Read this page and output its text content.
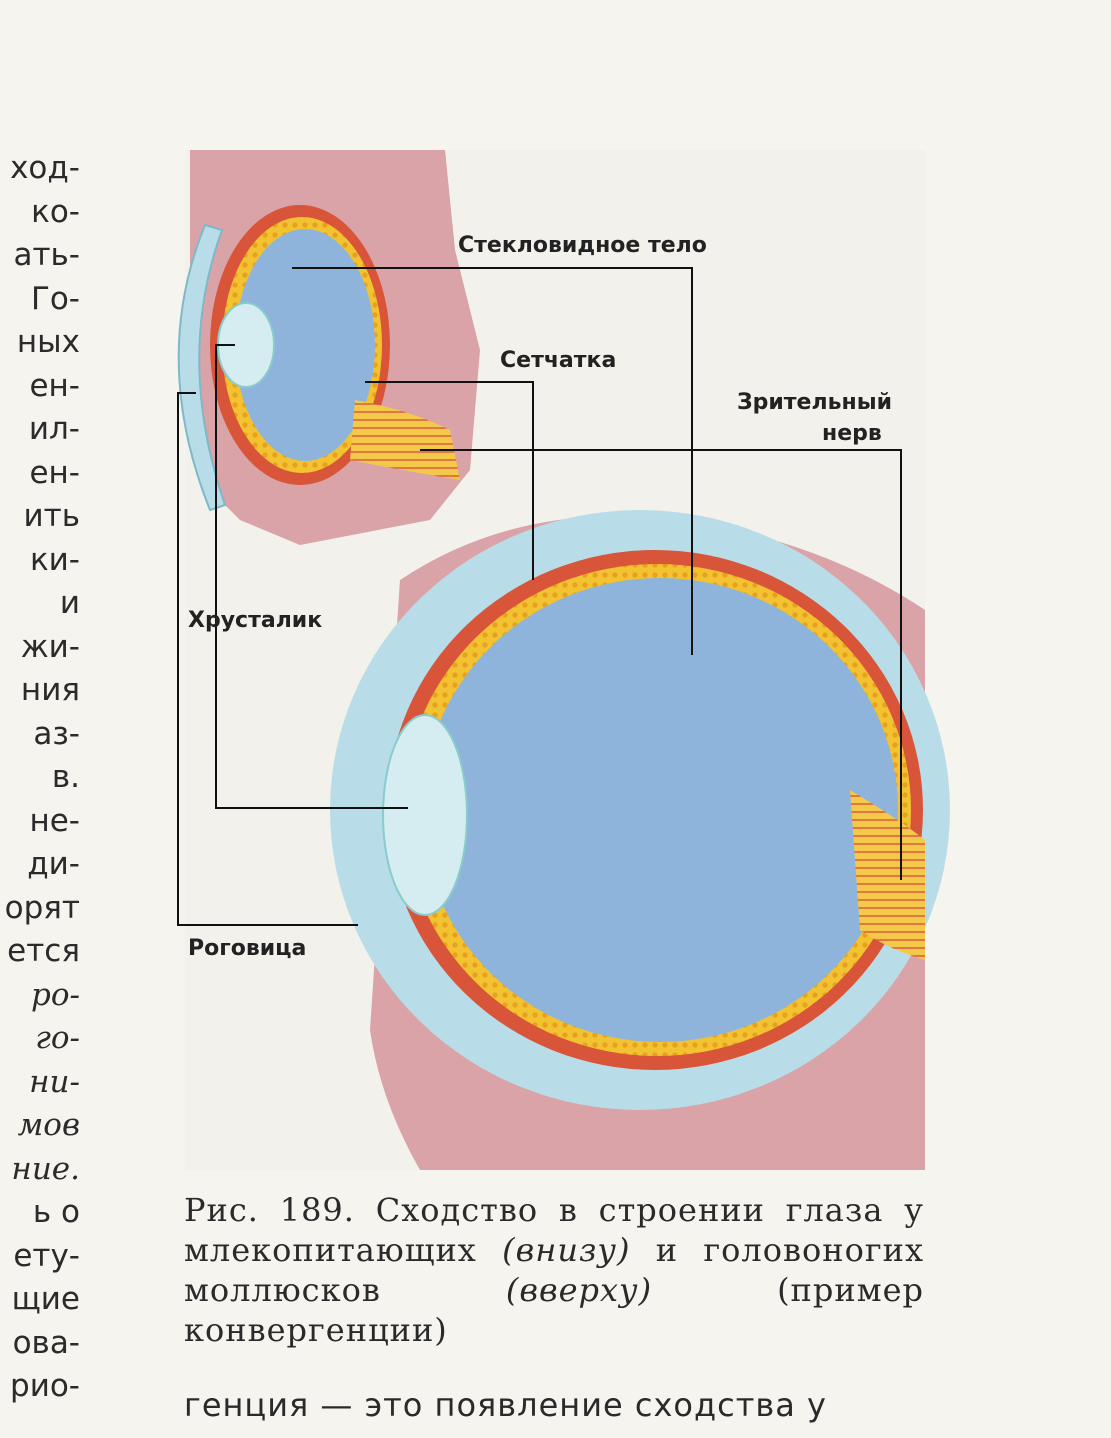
ход-
ко-
ать-
Го-
ных
ен-
ил-
ен-
ить
ки-
и
жи-
ния
аз-
в.
не-
ди-
орят
ется
ро-
го-
ни-
мов
ние.
ь о
ету-
щие
ова-
рио-
Стекловидное тело
Сетчатка
Зрительный
нерв
Хрусталик
Роговица
Рис. 189. Сходство в строении глаза у млекопитающих (внизу) и головоногих моллюсков (вверху) (пример конвергенции)
генция — это появление сходства у
